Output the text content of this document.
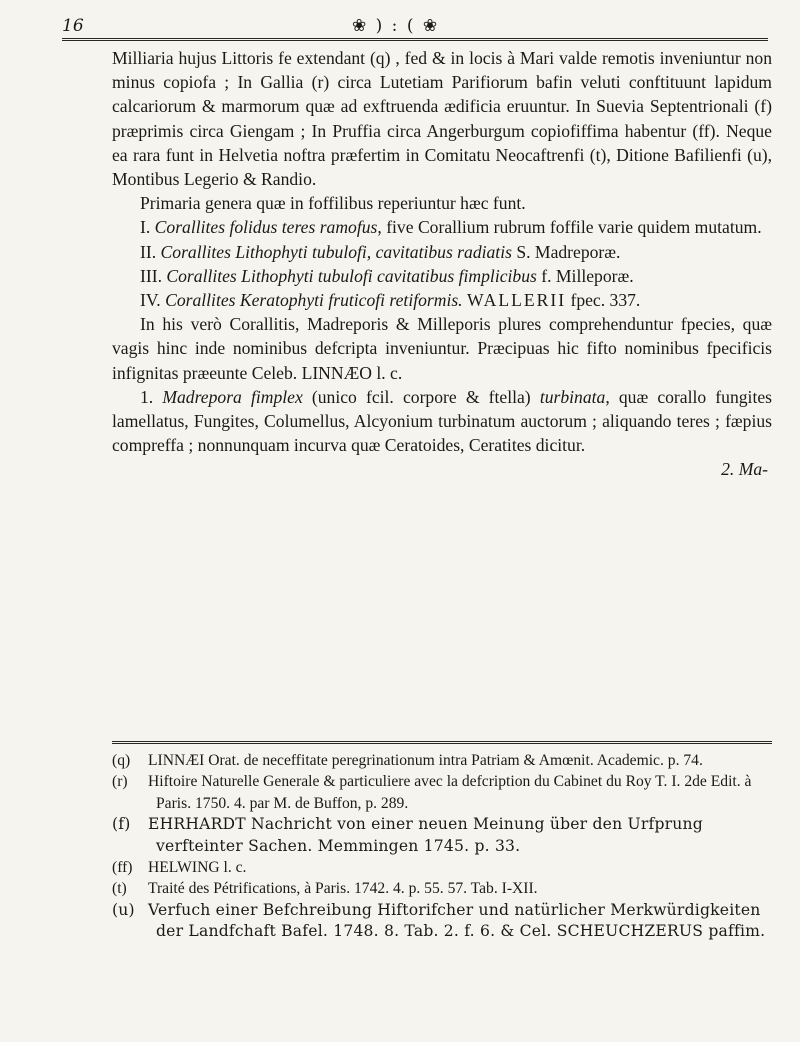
16	❀ ) : ( ❀

Milliaria hujus Littoris fe extendant (q) , fed & in locis à Mari valde remotis inveniuntur non minus copiofa ; In Gallia (r) circa Lutetiam Parifiorum bafin veluti conftituunt lapidum calcariorum & marmorum quæ ad exftruenda ædificia eruuntur. In Suevia Septentrionali (f) præprimis circa Giengam ; In Pruffia circa Angerburgum copiofiffima habentur (ff). Neque ea rara funt in Helvetia noftra præfertim in Comitatu Neocaftrenfi (t), Ditione Bafilienfi (u), Montibus Legerio & Randio.

Primaria genera quæ in foffilibus reperiuntur hæc funt.

I. Corallites folidus teres ramofus, five Corallium rubrum foffile varie quidem mutatum.

II. Corallites Lithophyti tubulofi, cavitatibus radiatis S. Madreporæ.

III. Corallites Lithophyti tubulofi cavitatibus fimplicibus f. Milleporæ.

IV. Corallites Keratophyti fruticofi retiformis. WALLERII fpec. 337.

In his verò Corallitis, Madreporis & Milleporis plures comprehenduntur fpecies, quæ vagis hinc inde nominibus defcripta inveniuntur. Præcipuas hic fifto nominibus fpecificis infignitas præeunte Celeb. LINNÆO l. c.

1. Madrepora fimplex (unico fcil. corpore & ftella) turbinata, quæ corallo fungites lamellatus, Fungites, Columellus, Alcyonium turbinatum auctorum ; aliquando teres ; fæpius compreffa ; nonnunquam incurva quæ Ceratoides, Ceratites dicitur.

2. Ma-

(q) LINNÆI Orat. de neceffitate peregrinationum intra Patriam & Amœnit. Academic. p. 74.

(r) Hiftoire Naturelle Generale & particuliere avec la defcription du Cabinet du Roy T. I. 2de Edit. à Paris. 1750. 4. par M. de Buffon, p. 289.

(f) EHRHARDT Nachricht von einer neuen Meinung über den Urfprung verfteinter Sachen. Memmingen 1745. p. 33.

(ff) HELWING l. c.

(t) Traité des Pétrifications, à Paris. 1742. 4. p. 55. 57. Tab. I-XII.

(u) Verfuch einer Befchreibung Hiftorifcher und natürlicher Merkwürdigkeiten der Landfchaft Bafel. 1748. 8. Tab. 2. f. 6. & Cel. SCHEUCHZERUS paffim.
